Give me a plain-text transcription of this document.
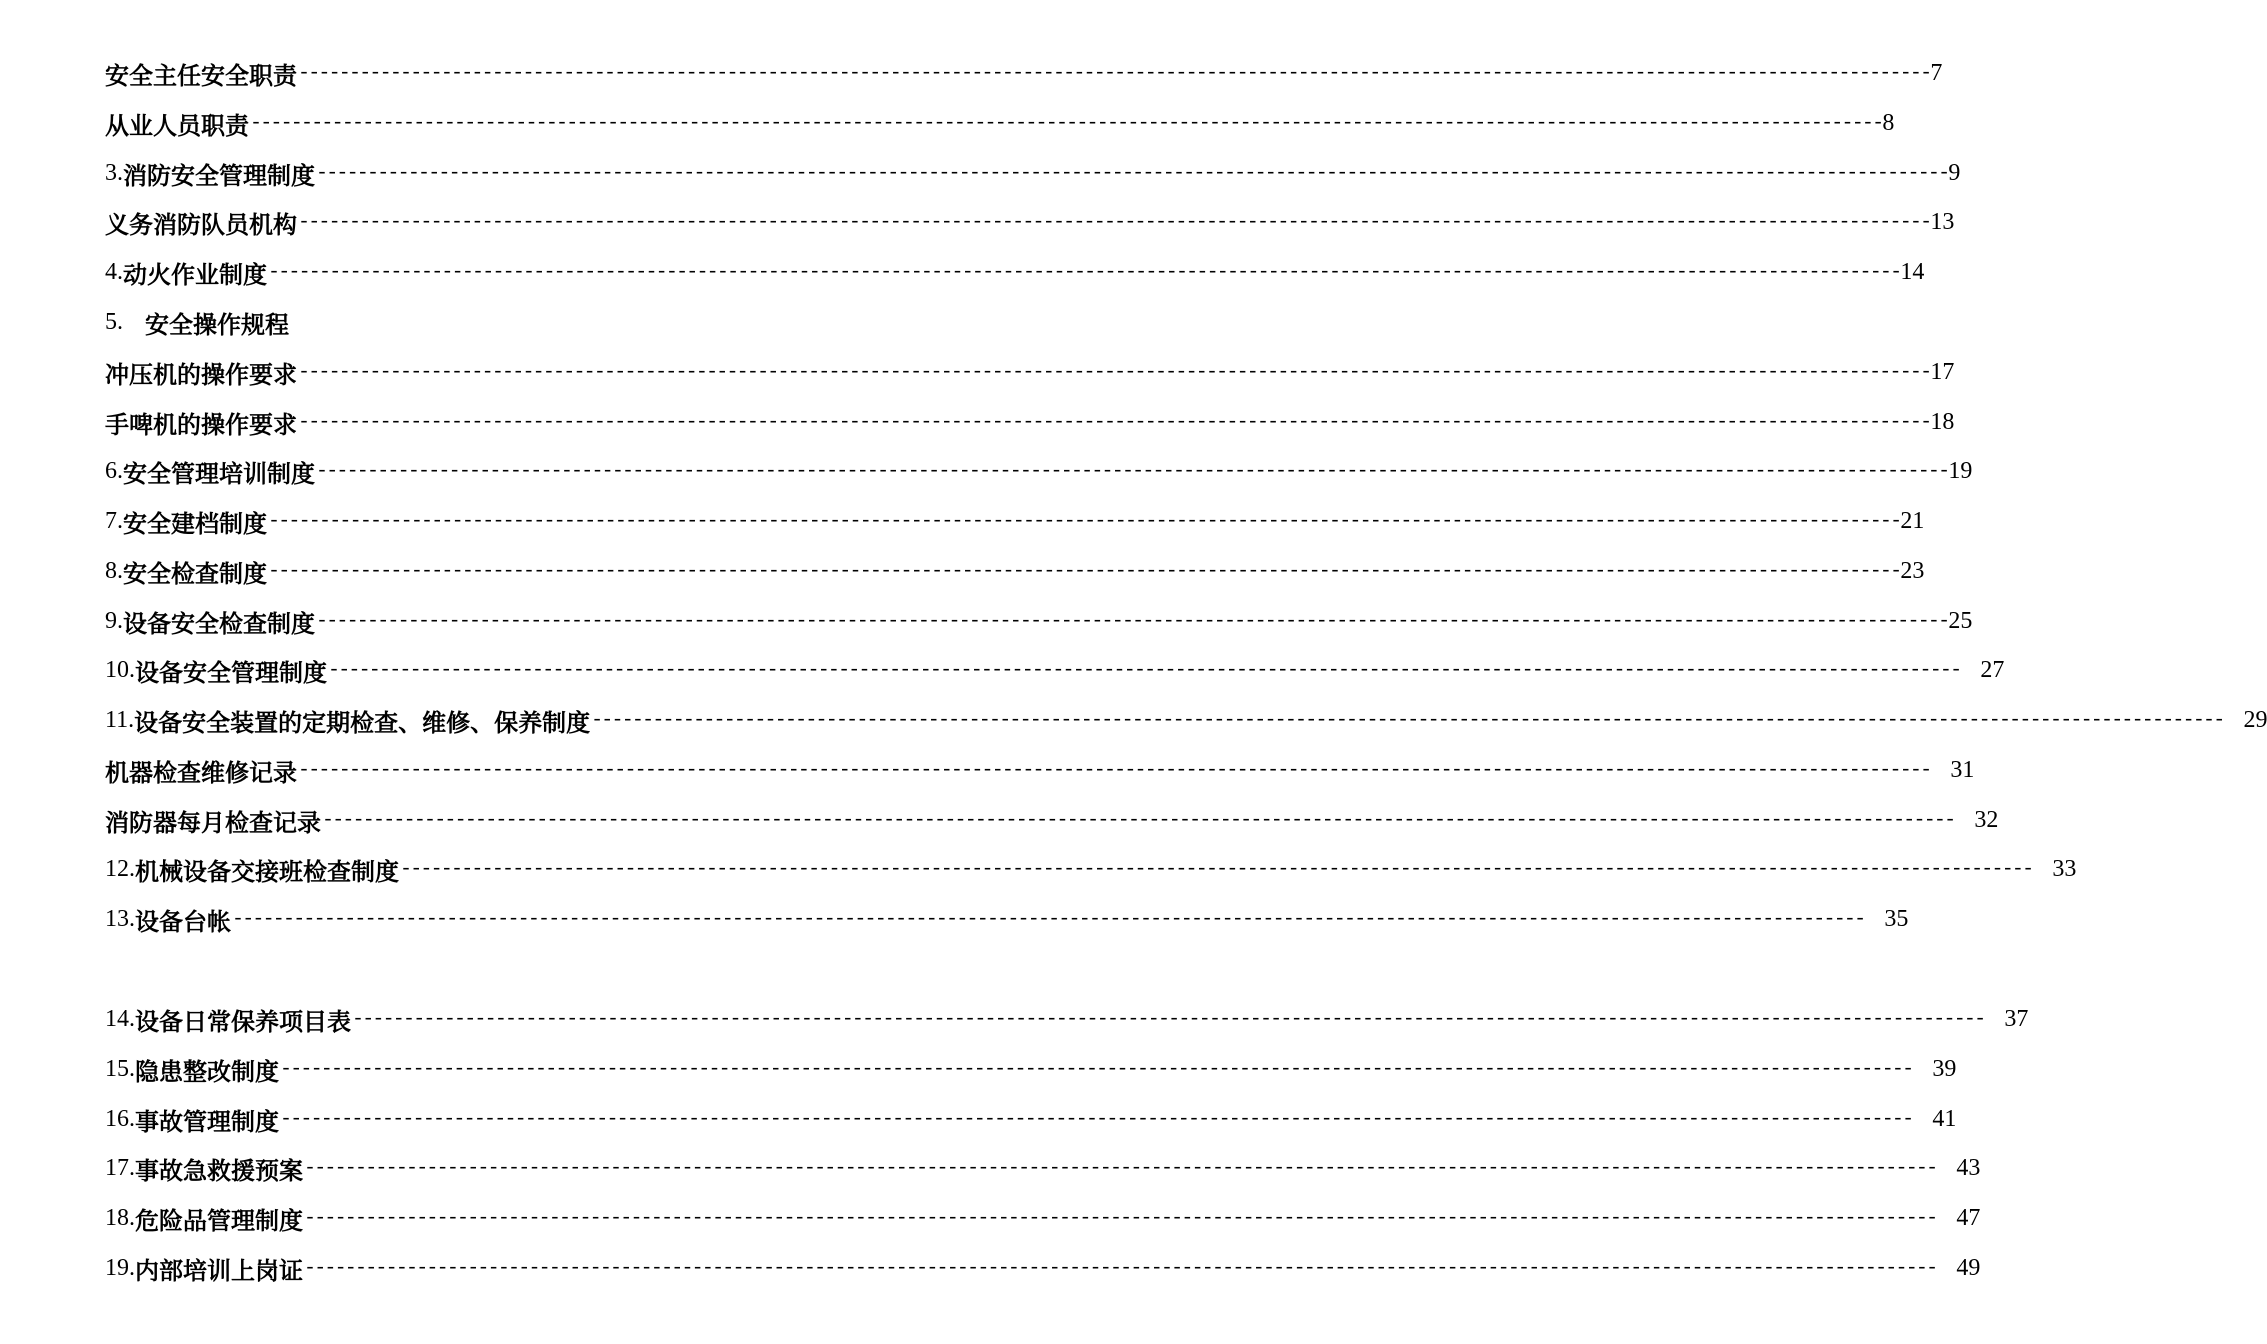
安全主任安全职责 ---------------------------------------------------------------------------------------------------------------------------------------------------------------- 7
从业人员职责 ---------------------------------------------------------------------------------------------------------------------------------------------------------------- 8
3. 消防安全管理制度 ---------------------------------------------------------------------------------------------------------------------------------------------------------------- 9
义务消防队员机构 ---------------------------------------------------------------------------------------------------------------------------------------------------------------- 13
4. 动火作业制度 ---------------------------------------------------------------------------------------------------------------------------------------------------------------- 14
5. 安全操作规程
冲压机的操作要求 ---------------------------------------------------------------------------------------------------------------------------------------------------------------- 17
手啤机的操作要求 ---------------------------------------------------------------------------------------------------------------------------------------------------------------- 18
6. 安全管理培训制度 ---------------------------------------------------------------------------------------------------------------------------------------------------------------- 19
7. 安全建档制度 ---------------------------------------------------------------------------------------------------------------------------------------------------------------- 21
8. 安全检查制度 ---------------------------------------------------------------------------------------------------------------------------------------------------------------- 23
9. 设备安全检查制度 ---------------------------------------------------------------------------------------------------------------------------------------------------------------- 25
10. 设备安全管理制度 ---------------------------------------------------------------------------------------------------------------------------------------------------------------- 27
11. 设备安全装置的定期检查、维修、保养制度 ---------------------------------------------------------------------------------------------------------------------------------------------------------------- 29
机器检查维修记录 ---------------------------------------------------------------------------------------------------------------------------------------------------------------- 31
消防器每月检查记录 ---------------------------------------------------------------------------------------------------------------------------------------------------------------- 32
12. 机械设备交接班检查制度 ---------------------------------------------------------------------------------------------------------------------------------------------------------------- 33
13. 设备台帐 ---------------------------------------------------------------------------------------------------------------------------------------------------------------- 35
14. 设备日常保养项目表 ---------------------------------------------------------------------------------------------------------------------------------------------------------------- 37
15. 隐患整改制度 ---------------------------------------------------------------------------------------------------------------------------------------------------------------- 39
16. 事故管理制度 ---------------------------------------------------------------------------------------------------------------------------------------------------------------- 41
17. 事故急救援预案 ---------------------------------------------------------------------------------------------------------------------------------------------------------------- 43
18. 危险品管理制度 ---------------------------------------------------------------------------------------------------------------------------------------------------------------- 47
19. 内部培训上岗证 ---------------------------------------------------------------------------------------------------------------------------------------------------------------- 49
